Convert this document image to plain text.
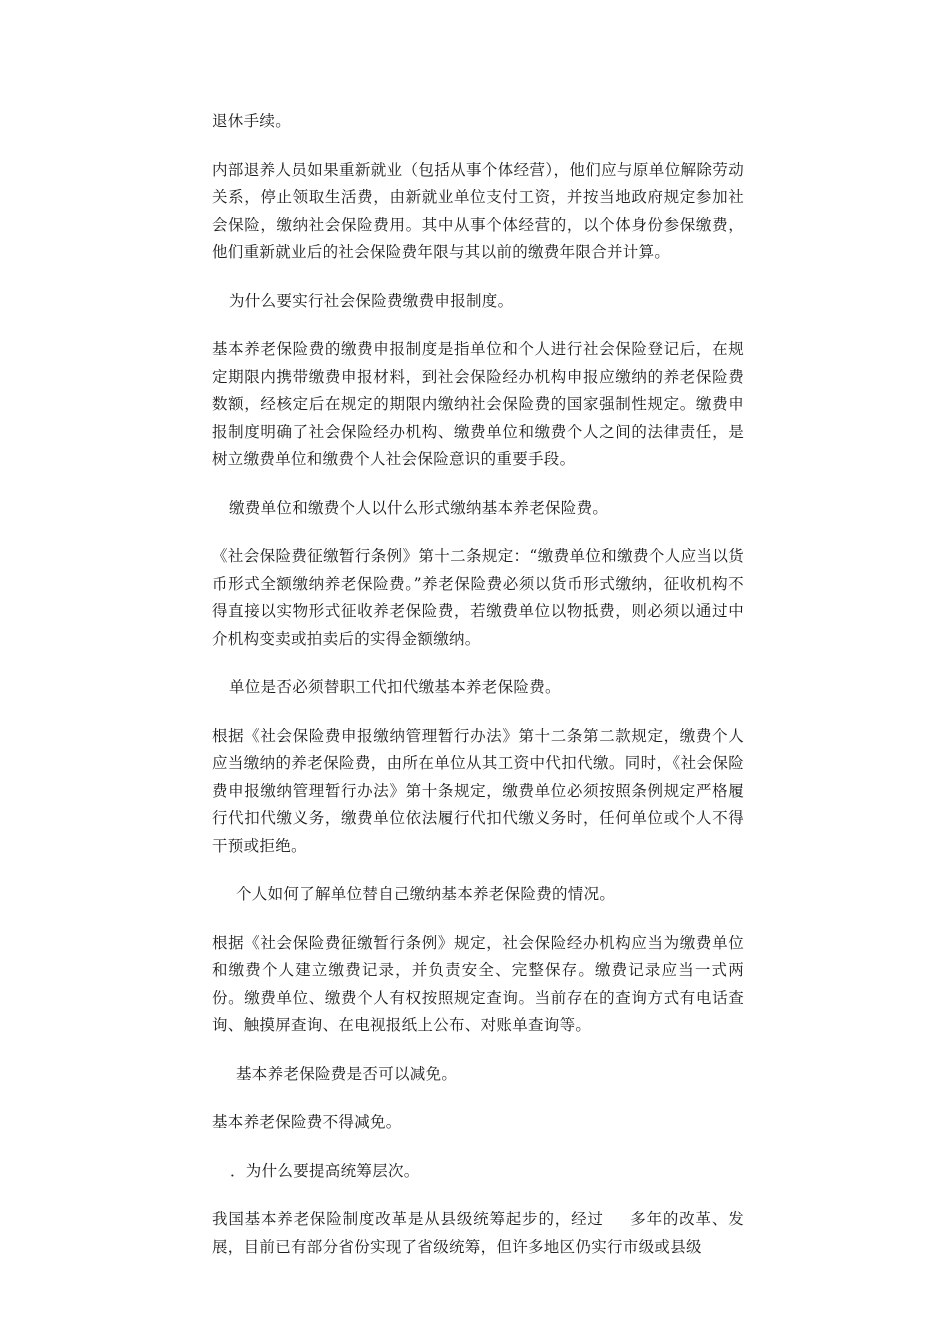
退休手续。

内部退养人员如果重新就业（包括从事个体经营），他们应与原单位解除劳动关系，停止领取生活费，由新就业单位支付工资，并按当地政府规定参加社会保险，缴纳社会保险费用。其中从事个体经营的，以个体身份参保缴费，他们重新就业后的社会保险费年限与其以前的缴费年限合并计算。

为什么要实行社会保险费缴费申报制度。

基本养老保险费的缴费申报制度是指单位和个人进行社会保险登记后，在规定期限内携带缴费申报材料，到社会保险经办机构申报应缴纳的养老保险费数额，经核定后在规定的期限内缴纳社会保险费的国家强制性规定。缴费申报制度明确了社会保险经办机构、缴费单位和缴费个人之间的法律责任，是树立缴费单位和缴费个人社会保险意识的重要手段。

缴费单位和缴费个人以什么形式缴纳基本养老保险费。

《社会保险费征缴暂行条例》第十二条规定：“缴费单位和缴费个人应当以货币形式全额缴纳养老保险费。”养老保险费必须以货币形式缴纳，征收机构不得直接以实物形式征收养老保险费，若缴费单位以物抵费，则必须以通过中介机构变卖或拍卖后的实得金额缴纳。

单位是否必须替职工代扣代缴基本养老保险费。

根据《社会保险费申报缴纳管理暂行办法》第十二条第二款规定，缴费个人应当缴纳的养老保险费，由所在单位从其工资中代扣代缴。同时，《社会保险费申报缴纳管理暂行办法》第十条规定，缴费单位必须按照条例规定严格履行代扣代缴义务，缴费单位依法履行代扣代缴义务时，任何单位或个人不得干预或拒绝。

个人如何了解单位替自己缴纳基本养老保险费的情况。

根据《社会保险费征缴暂行条例》规定，社会保险经办机构应当为缴费单位和缴费个人建立缴费记录，并负责安全、完整保存。缴费记录应当一式两份。缴费单位、缴费个人有权按照规定查询。当前存在的查询方式有电话查询、触摸屏查询、在电视报纸上公布、对账单查询等。

基本养老保险费是否可以减免。

基本养老保险费不得减免。

．为什么要提高统筹层次。

我国基本养老保险制度改革是从县级统筹起步的，经过 多年的改革、发展，目前已有部分省份实现了省级统筹，但许多地区仍实行市级或县级
